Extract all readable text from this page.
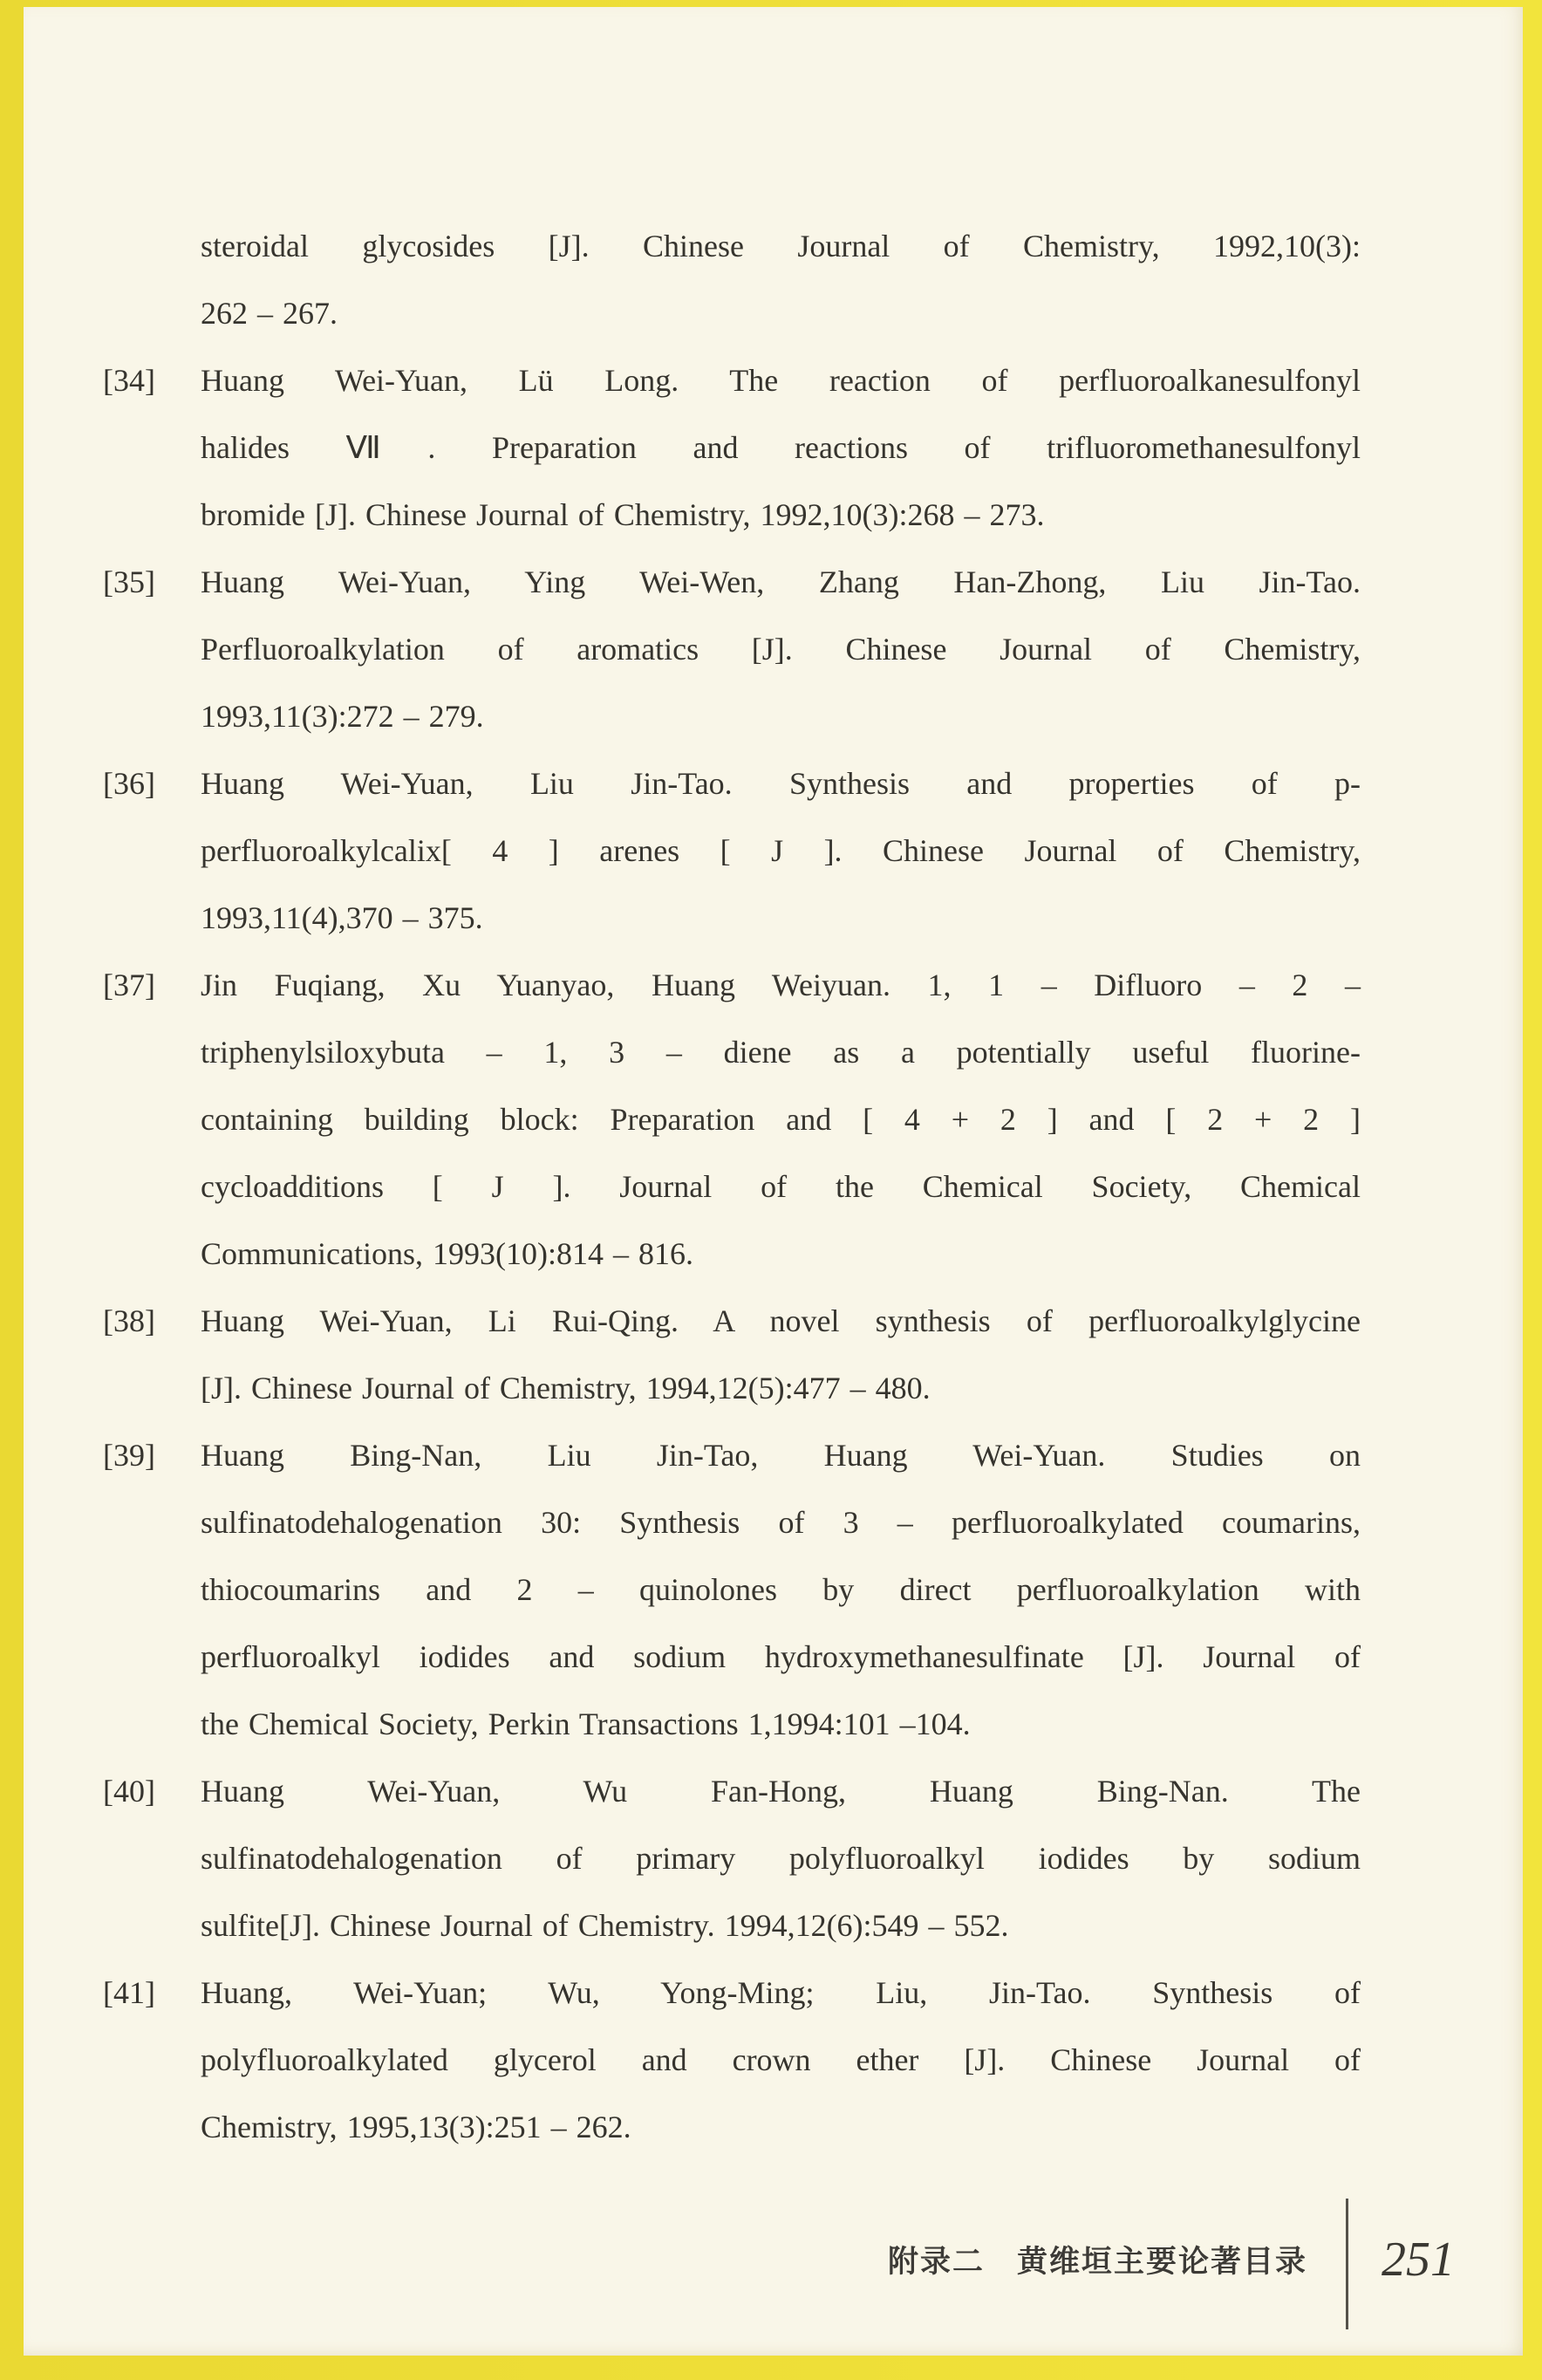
steroidal glycosides [J]. Chinese Journal of Chemistry, 1992,10(3):
262 – 267.
[34]	Huang Wei-Yuan, Lü Long. The reaction of perfluoroalkanesulfonyl
halides Ⅶ. Preparation and reactions of trifluoromethanesulfonyl
bromide [J]. Chinese Journal of Chemistry, 1992,10(3):268 – 273.
[35]	Huang Wei-Yuan, Ying Wei-Wen, Zhang Han-Zhong, Liu Jin-Tao.
Perfluoroalkylation of aromatics [J]. Chinese Journal of Chemistry,
1993,11(3):272 – 279.
[36]	Huang Wei-Yuan, Liu Jin-Tao. Synthesis and properties of p-
perfluoroalkylcalix[ 4 ] arenes [ J ]. Chinese Journal of Chemistry,
1993,11(4),370 – 375.
[37]	Jin Fuqiang, Xu Yuanyao, Huang Weiyuan. 1, 1 – Difluoro – 2 –
triphenylsiloxybuta – 1, 3 – diene as a potentially useful fluorine-
containing building block: Preparation and [ 4 + 2 ] and [ 2 + 2 ]
cycloadditions [ J ]. Journal of the Chemical Society, Chemical
Communications, 1993(10):814 – 816.
[38]	Huang Wei-Yuan, Li Rui-Qing. A novel synthesis of perfluoroalkylglycine
[J]. Chinese Journal of Chemistry, 1994,12(5):477 – 480.
[39]	Huang Bing-Nan, Liu Jin-Tao, Huang Wei-Yuan. Studies on
sulfinatodehalogenation 30: Synthesis of 3 – perfluoroalkylated coumarins,
thiocoumarins and 2 – quinolones by direct perfluoroalkylation with
perfluoroalkyl iodides and sodium hydroxymethanesulfinate [J]. Journal of
the Chemical Society, Perkin Transactions 1,1994:101 –104.
[40]	Huang Wei-Yuan, Wu Fan-Hong, Huang Bing-Nan. The
sulfinatodehalogenation of primary polyfluoroalkyl iodides by sodium
sulfite[J]. Chinese Journal of Chemistry. 1994,12(6):549 – 552.
[41]	Huang, Wei-Yuan; Wu, Yong-Ming; Liu, Jin-Tao. Synthesis of
polyfluoroalkylated glycerol and crown ether [J]. Chinese Journal of
Chemistry, 1995,13(3):251 – 262.
附录二　黄维垣主要论著目录 251
